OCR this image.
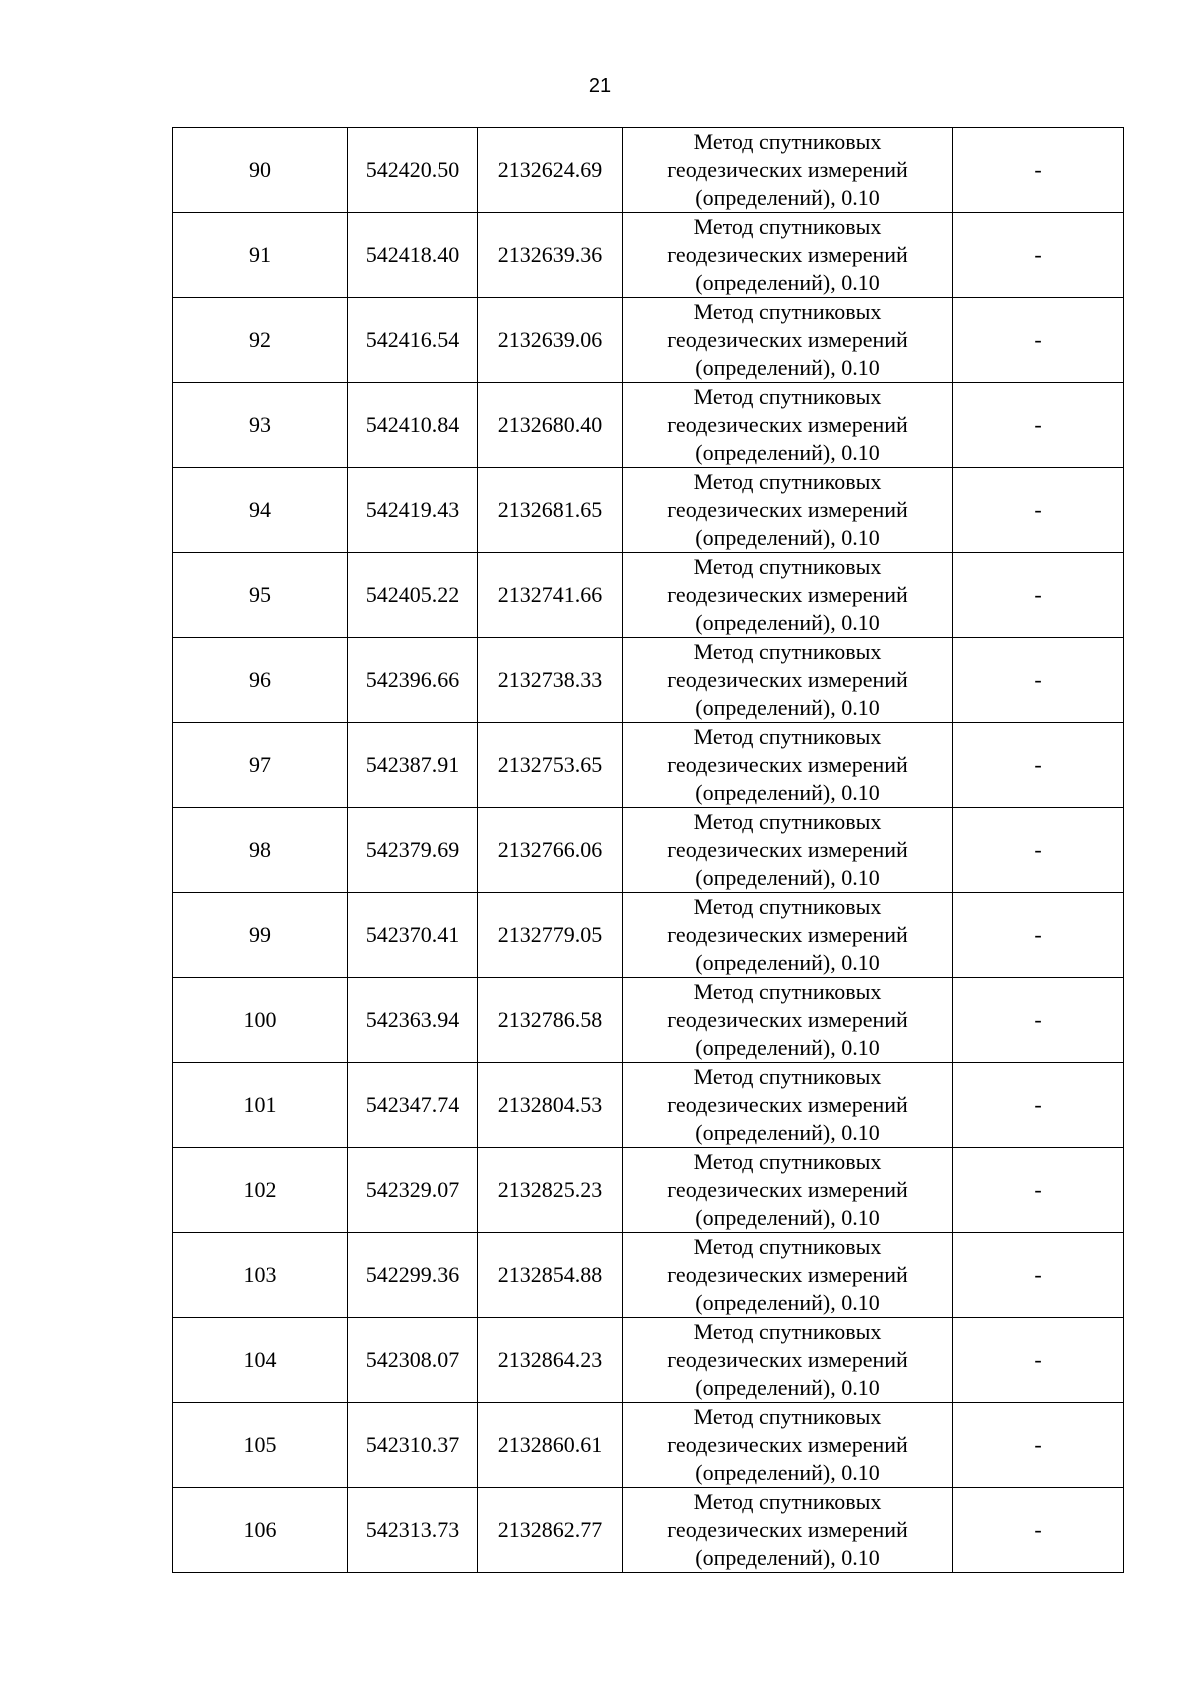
21
90	542420.50	2132624.69	Метод спутниковых
геодезических измерений
(определений), 0.10	-
91	542418.40	2132639.36	Метод спутниковых
геодезических измерений
(определений), 0.10	-
92	542416.54	2132639.06	Метод спутниковых
геодезических измерений
(определений), 0.10	-
93	542410.84	2132680.40	Метод спутниковых
геодезических измерений
(определений), 0.10	-
94	542419.43	2132681.65	Метод спутниковых
геодезических измерений
(определений), 0.10	-
95	542405.22	2132741.66	Метод спутниковых
геодезических измерений
(определений), 0.10	-
96	542396.66	2132738.33	Метод спутниковых
геодезических измерений
(определений), 0.10	-
97	542387.91	2132753.65	Метод спутниковых
геодезических измерений
(определений), 0.10	-
98	542379.69	2132766.06	Метод спутниковых
геодезических измерений
(определений), 0.10	-
99	542370.41	2132779.05	Метод спутниковых
геодезических измерений
(определений), 0.10	-
100	542363.94	2132786.58	Метод спутниковых
геодезических измерений
(определений), 0.10	-
101	542347.74	2132804.53	Метод спутниковых
геодезических измерений
(определений), 0.10	-
102	542329.07	2132825.23	Метод спутниковых
геодезических измерений
(определений), 0.10	-
103	542299.36	2132854.88	Метод спутниковых
геодезических измерений
(определений), 0.10	-
104	542308.07	2132864.23	Метод спутниковых
геодезических измерений
(определений), 0.10	-
105	542310.37	2132860.61	Метод спутниковых
геодезических измерений
(определений), 0.10	-
106	542313.73	2132862.77	Метод спутниковых
геодезических измерений
(определений), 0.10	-
